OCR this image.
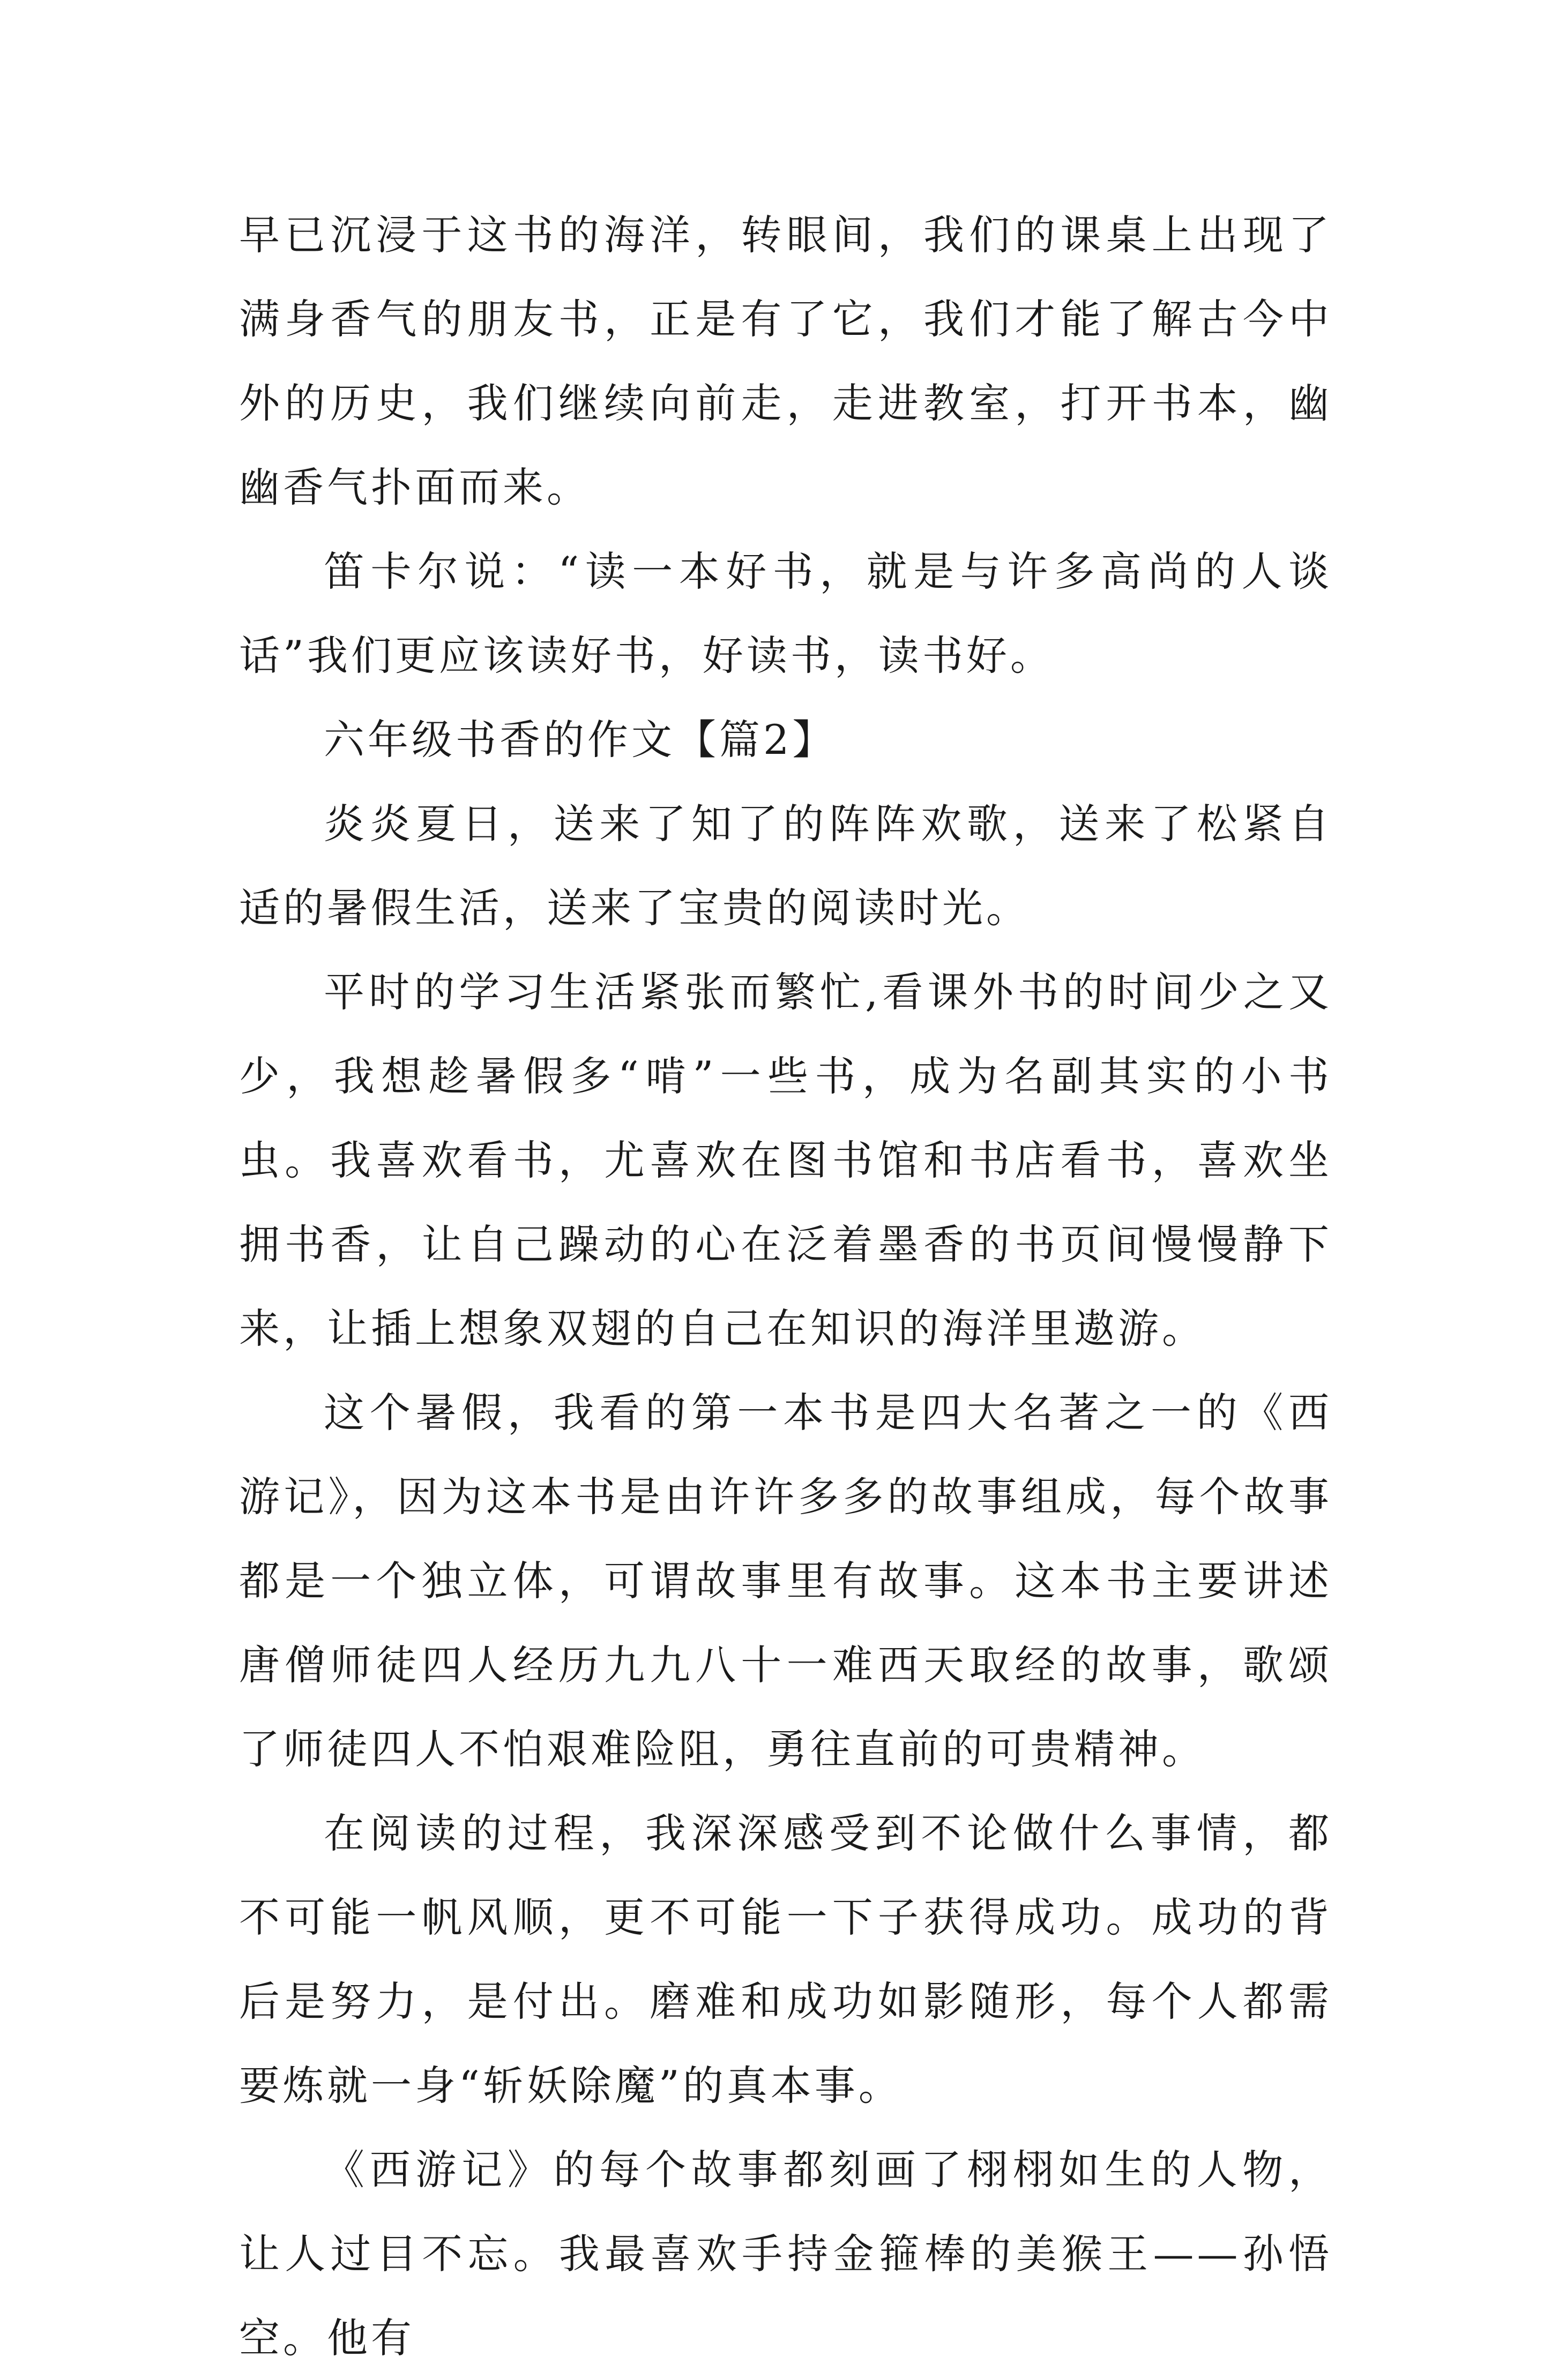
早已沉浸于这书的海洋，转眼间，我们的课桌上出现了满身香气的朋友书，正是有了它，我们才能了解古今中外的历史，我们继续向前走，走进教室，打开书本，幽幽香气扑面而来。

笛卡尔说：“读一本好书，就是与许多高尚的人谈话”我们更应该读好书，好读书，读书好。

六年级书香的作文【篇2】

炎炎夏日，送来了知了的阵阵欢歌，送来了松紧自适的暑假生活，送来了宝贵的阅读时光。

平时的学习生活紧张而繁忙,看课外书的时间少之又少，我想趁暑假多“啃”一些书，成为名副其实的小书虫。我喜欢看书，尤喜欢在图书馆和书店看书，喜欢坐拥书香，让自己躁动的心在泛着墨香的书页间慢慢静下来，让插上想象双翅的自己在知识的海洋里遨游。

这个暑假，我看的第一本书是四大名著之一的《西游记》，因为这本书是由许许多多的故事组成，每个故事都是一个独立体，可谓故事里有故事。这本书主要讲述唐僧师徒四人经历九九八十一难西天取经的故事，歌颂了师徒四人不怕艰难险阻，勇往直前的可贵精神。

在阅读的过程，我深深感受到不论做什么事情，都不可能一帆风顺，更不可能一下子获得成功。成功的背后是努力，是付出。磨难和成功如影随形，每个人都需要炼就一身“斩妖除魔”的真本事。

《西游记》的每个故事都刻画了栩栩如生的人物，让人过目不忘。我最喜欢手持金箍棒的美猴王——孙悟空。他有
